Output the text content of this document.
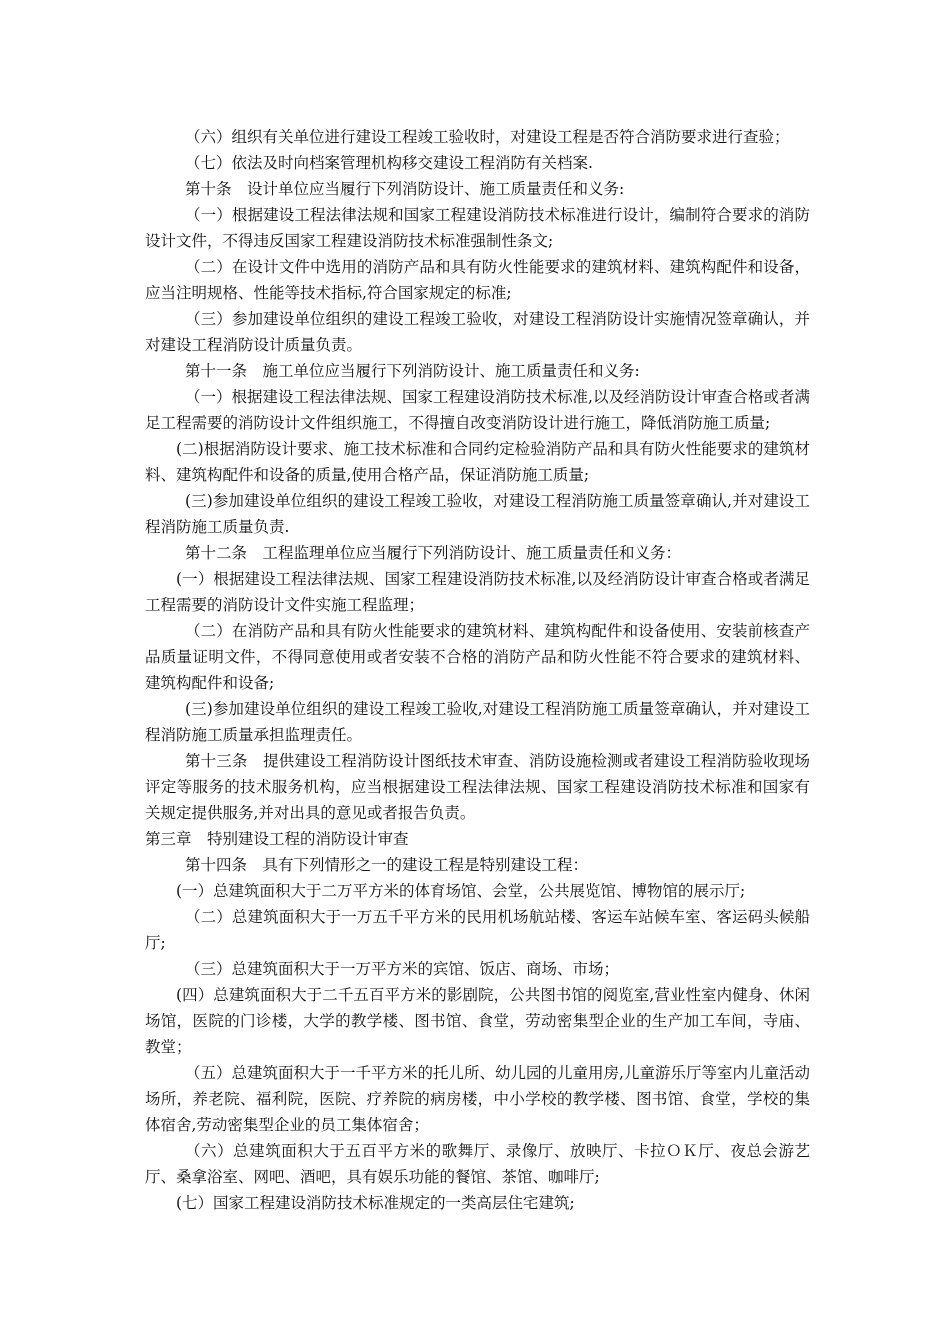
（六）组织有关单位进行建设工程竣工验收时，对建设工程是否符合消防要求进行查验；

（七）依法及时向档案管理机构移交建设工程消防有关档案.

第十条　设计单位应当履行下列消防设计、施工质量责任和义务:

（一）根据建设工程法律法规和国家工程建设消防技术标准进行设计，编制符合要求的消防设计文件，不得违反国家工程建设消防技术标准强制性条文;

（二）在设计文件中选用的消防产品和具有防火性能要求的建筑材料、建筑构配件和设备，应当注明规格、性能等技术指标,符合国家规定的标准;

（三）参加建设单位组织的建设工程竣工验收，对建设工程消防设计实施情况签章确认，并对建设工程消防设计质量负责。

第十一条　施工单位应当履行下列消防设计、施工质量责任和义务:

（一）根据建设工程法律法规、国家工程建设消防技术标准,以及经消防设计审查合格或者满足工程需要的消防设计文件组织施工，不得擅自改变消防设计进行施工，降低消防施工质量;

(二)根据消防设计要求、施工技术标准和合同约定检验消防产品和具有防火性能要求的建筑材料、建筑构配件和设备的质量,使用合格产品，保证消防施工质量;

(三)参加建设单位组织的建设工程竣工验收，对建设工程消防施工质量签章确认,并对建设工程消防施工质量负责.

第十二条　工程监理单位应当履行下列消防设计、施工质量责任和义务：

(一）根据建设工程法律法规、国家工程建设消防技术标准,以及经消防设计审查合格或者满足工程需要的消防设计文件实施工程监理；

（二）在消防产品和具有防火性能要求的建筑材料、建筑构配件和设备使用、安装前核查产品质量证明文件，不得同意使用或者安装不合格的消防产品和防火性能不符合要求的建筑材料、建筑构配件和设备;

(三)参加建设单位组织的建设工程竣工验收,对建设工程消防施工质量签章确认，并对建设工程消防施工质量承担监理责任。

第十三条　提供建设工程消防设计图纸技术审查、消防设施检测或者建设工程消防验收现场评定等服务的技术服务机构，应当根据建设工程法律法规、国家工程建设消防技术标准和国家有关规定提供服务,并对出具的意见或者报告负责。

第三章　特别建设工程的消防设计审查

第十四条　具有下列情形之一的建设工程是特别建设工程：

(一）总建筑面积大于二万平方米的体育场馆、会堂，公共展览馆、博物馆的展示厅;

（二）总建筑面积大于一万五千平方米的民用机场航站楼、客运车站候车室、客运码头候船厅;

（三）总建筑面积大于一万平方米的宾馆、饭店、商场、市场；

(四）总建筑面积大于二千五百平方米的影剧院，公共图书馆的阅览室,营业性室内健身、休闲场馆，医院的门诊楼，大学的教学楼、图书馆、食堂，劳动密集型企业的生产加工车间，寺庙、教堂；

（五）总建筑面积大于一千平方米的托儿所、幼儿园的儿童用房,儿童游乐厅等室内儿童活动场所，养老院、福利院，医院、疗养院的病房楼，中小学校的教学楼、图书馆、食堂，学校的集体宿舍,劳动密集型企业的员工集体宿舍；

（六）总建筑面积大于五百平方米的歌舞厅、录像厅、放映厅、卡拉ＯＫ厅、夜总会游艺厅、桑拿浴室、网吧、酒吧，具有娱乐功能的餐馆、茶馆、咖啡厅;

(七）国家工程建设消防技术标准规定的一类高层住宅建筑;
